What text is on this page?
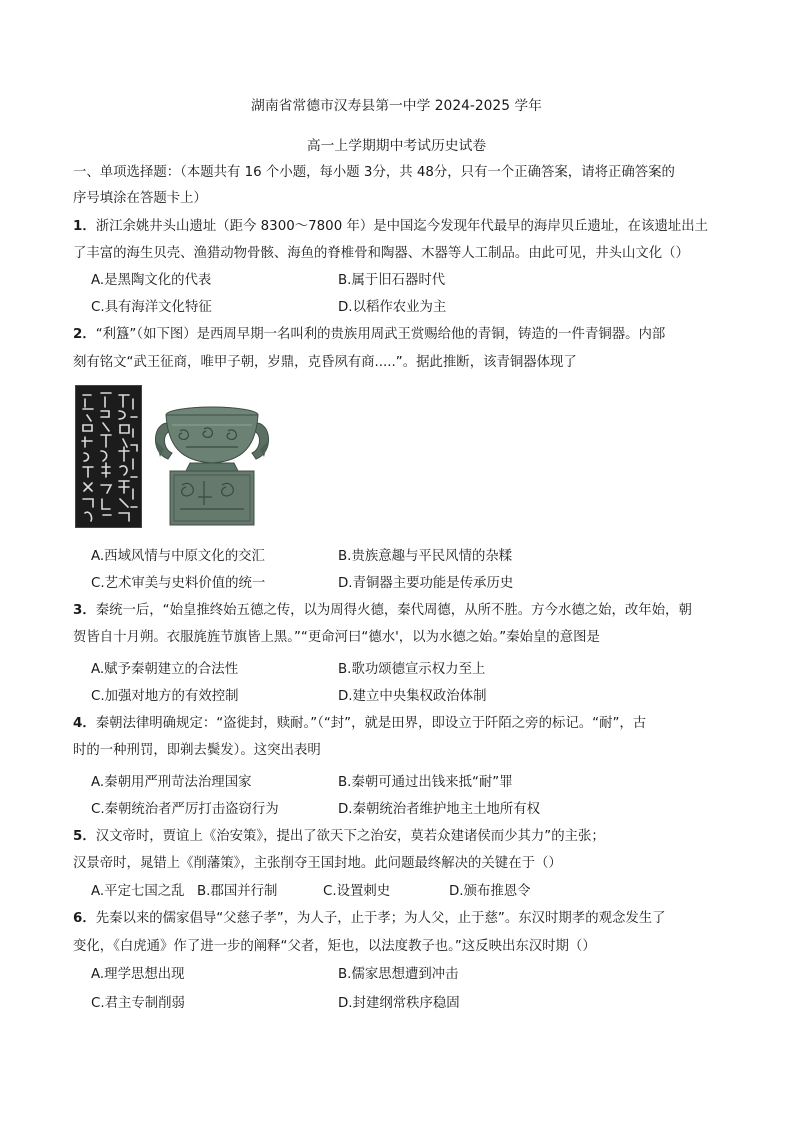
湖南省常德市汉寿县第一中学 2024-2025 学年
高一上学期期中考试历史试卷
一、单项选择题：（本题共有 16 个小题，每小题 3分，共 48分，只有一个正确答案，请将正确答案的
序号填涂在答题卡上）
1．浙江余姚井头山遗址（距今 8300～7800 年）是中国迄今发现年代最早的海岸贝丘遗址，在该遗址出土
了丰富的海生贝壳、渔猎动物骨骸、海鱼的脊椎骨和陶器、木器等人工制品。由此可见，井头山文化（）
A.是黑陶文化的代表	B.属于旧石器时代
C.具有海洋文化特征	D.以稻作农业为主
2．“利簋”（如下图）是西周早期一名叫利的贵族用周武王赏赐给他的青铜，铸造的一件青铜器。内部
刻有铭文“武王征商，唯甲子朝，岁鼎，克昏夙有商.....”。据此推断，该青铜器体现了
A.西域风情与中原文化的交汇	B.贵族意趣与平民风情的杂糅
C.艺术审美与史料价值的统一	D.青铜器主要功能是传承历史
3．秦统一后，“始皇推终始五德之传，以为周得火德，秦代周德，从所不胜。方今水德之始，改年始，朝
贺皆自十月朔。衣服旄旌节旗皆上黑。”“更命河曰“德水'，以为水德之始。”秦始皇的意图是
A.赋予秦朝建立的合法性	B.歌功颂德宣示权力至上
C.加强对地方的有效控制	D.建立中央集权政治体制
4．秦朝法律明确规定：“盗徙封，赎耐。”（“封”，就是田界，即设立于阡陌之旁的标记。“耐”，古
时的一种刑罚，即剃去鬓发）。这突出表明
A.秦朝用严刑苛法治理国家	B.秦朝可通过出钱来抵“耐”罪
C.秦朝统治者严厉打击盗窃行为	D.秦朝统治者维护地主土地所有权
5．汉文帝时，贾谊上《治安策》，提出了欲天下之治安，莫若众建诸侯而少其力”的主张；
汉景帝时，晁错上《削藩策》，主张削夺王国封地。此问题最终解决的关键在于（）
A.平定七国之乱 B.郡国并行制	C.设置刺史	D.颁布推恩令
6．先秦以来的儒家倡导“父慈子孝”，为人子，止于孝；为人父，止于慈”。东汉时期孝的观念发生了
变化，《白虎通》作了进一步的阐释“父者，矩也，以法度教子也。”这反映出东汉时期（）
A.理学思想出现	B.儒家思想遭到冲击
C.君主专制削弱	D.封建纲常秩序稳固
